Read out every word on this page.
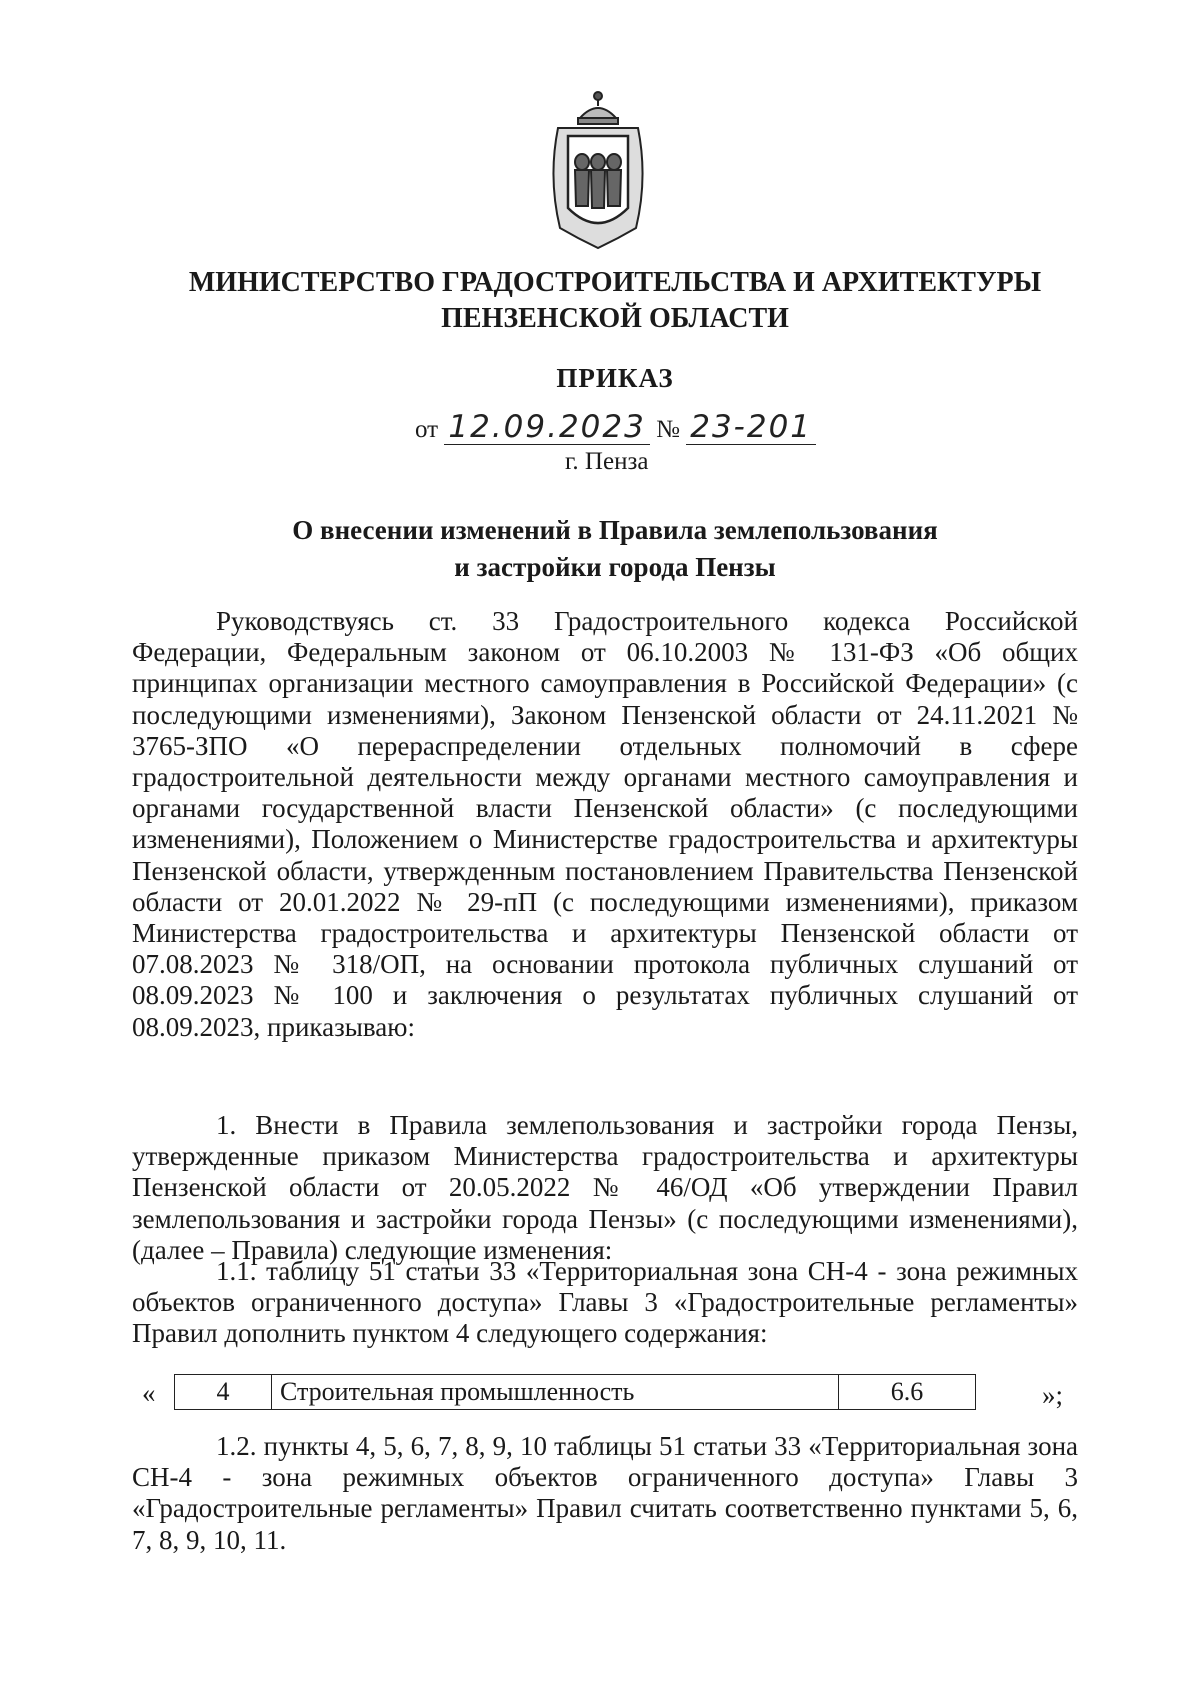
МИНИСТЕРСТВО ГРАДОСТРОИТЕЛЬСТВА И АРХИТЕКТУРЫ
ПЕНЗЕНСКОЙ ОБЛАСТИ
ПРИКАЗ
от 12.09.2023 № 23-201
г. Пенза
О внесении изменений в Правила землепользования
и застройки города Пензы

Руководствуясь ст. 33 Градостроительного кодекса Российской Федерации, Федеральным законом от 06.10.2003 № 131-ФЗ «Об общих принципах организации местного самоуправления в Российской Федерации» (с последующими изменениями), Законом Пензенской области от 24.11.2021 № 3765-ЗПО «О перераспределении отдельных полномочий в сфере градостроительной деятельности между органами местного самоуправления и органами государственной власти Пензенской области» (с последующими изменениями), Положением о Министерстве градостроительства и архитектуры Пензенской области, утвержденным постановлением Правительства Пензенской области от 20.01.2022 № 29-пП (с последующими изменениями), приказом Министерства градостроительства и архитектуры Пензенской области от 07.08.2023 № 318/ОП, на основании протокола публичных слушаний от 08.09.2023 № 100 и заключения о результатах публичных слушаний от 08.09.2023, приказываю:

1. Внести в Правила землепользования и застройки города Пензы, утвержденные приказом Министерства градостроительства и архитектуры Пензенской области от 20.05.2022 № 46/ОД «Об утверждении Правил землепользования и застройки города Пензы» (с последующими изменениями), (далее – Правила) следующие изменения:

1.1. таблицу 51 статьи 33 «Территориальная зона СН-4 - зона режимных объектов ограниченного доступа» Главы 3 «Градостроительные регламенты» Правил дополнить пунктом 4 следующего содержания:

« 4	Строительная промышленность	6.6	»;

1.2. пункты 4, 5, 6, 7, 8, 9, 10 таблицы 51 статьи 33 «Территориальная зона СН-4 - зона режимных объектов ограниченного доступа» Главы 3 «Градостроительные регламенты» Правил считать соответственно пунктами 5, 6, 7, 8, 9, 10, 11.
